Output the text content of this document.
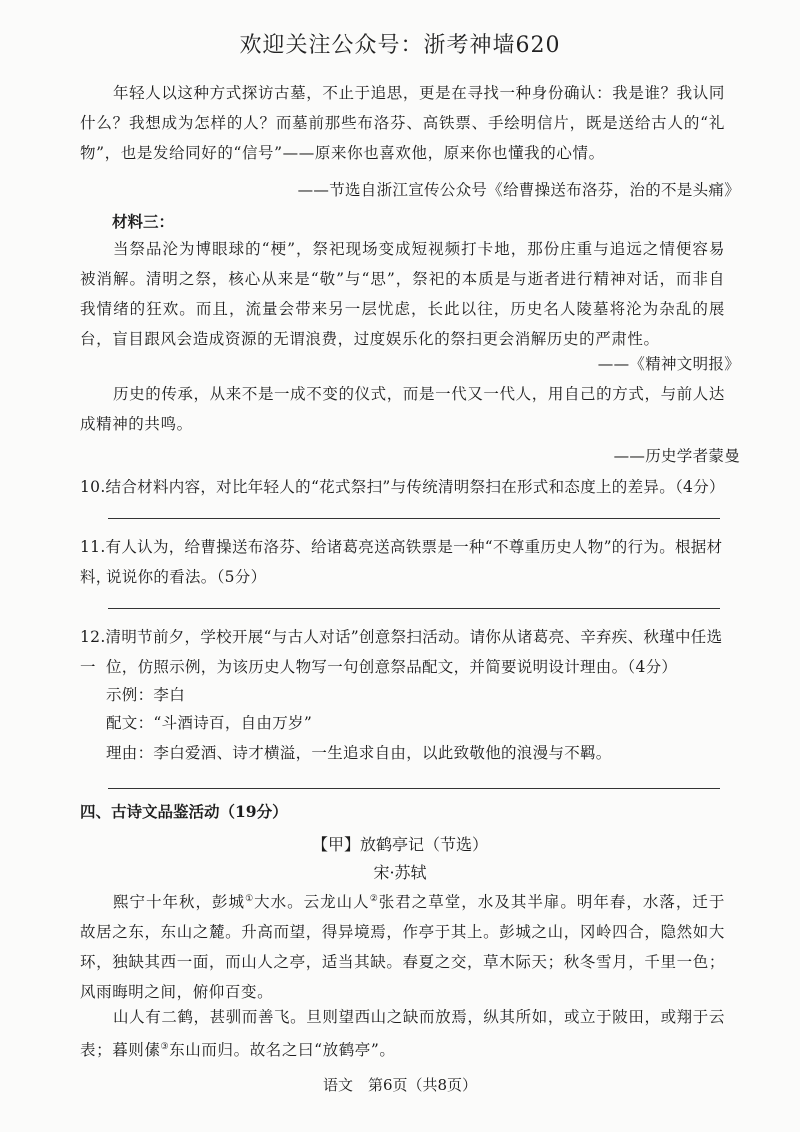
欢迎关注公众号：浙考神墙620
年轻人以这种方式探访古墓，不止于追思，更是在寻找一种身份确认：我是谁？我认同什么？我想成为怎样的人？而墓前那些布洛芬、高铁票、手绘明信片，既是送给古人的“礼物”，也是发给同好的“信号”——原来你也喜欢他，原来你也懂我的心情。
——节选自浙江宣传公众号《给曹操送布洛芬，治的不是头痛》
材料三：
当祭品沦为博眼球的“梗”，祭祀现场变成短视频打卡地，那份庄重与追远之情便容易被消解。清明之祭，核心从来是“敬”与“思”，祭祀的本质是与逝者进行精神对话，而非自我情绪的狂欢。而且，流量会带来另一层忧虑，长此以往，历史名人陵墓将沦为杂乱的展台，盲目跟风会造成资源的无谓浪费，过度娱乐化的祭扫更会消解历史的严肃性。
——《精神文明报》
历史的传承，从来不是一成不变的仪式，而是一代又一代人，用自己的方式，与前人达成精神的共鸣。
——历史学者蒙曼
10.结合材料内容，对比年轻人的“花式祭扫”与传统清明祭扫在形式和态度上的差异。（4分）
11.有人认为，给曹操送布洛芬、给诸葛亮送高铁票是一种“不尊重历史人物”的行为。根据材料，
说说你的看法。（5分）
12.清明节前夕，学校开展“与古人对话”创意祭扫活动。请你从诸葛亮、辛弃疾、秋瑾中任选一 位，仿照示例，为该历史人物写一句创意祭品配文，并简要说明设计理由。（4分）
示例：李白
配文：“斗酒诗百，自由万岁”
理由：李白爱酒、诗才横溢，一生追求自由，以此致敬他的浪漫与不羁。
四、古诗文品鉴活动（19分）
【甲】放鹤亭记（节选）
宋·苏轼
熙宁十年秋，彭城①大水。云龙山人②张君之草堂，水及其半扉。明年春，水落，迁于故居之东，东山之麓。升高而望，得异境焉，作亭于其上。彭城之山，冈岭四合，隐然如大环，独缺其西一面，而山人之亭，适当其缺。春夏之交，草木际天；秋冬雪月，千里一色；风雨晦明之间，俯仰百变。
山人有二鹤，甚驯而善飞。旦则望西山之缺而放焉，纵其所如，或立于陂田，或翔于云表；暮则傃③东山而归。故名之曰“放鹤亭”。
语文　第6页（共8页）
